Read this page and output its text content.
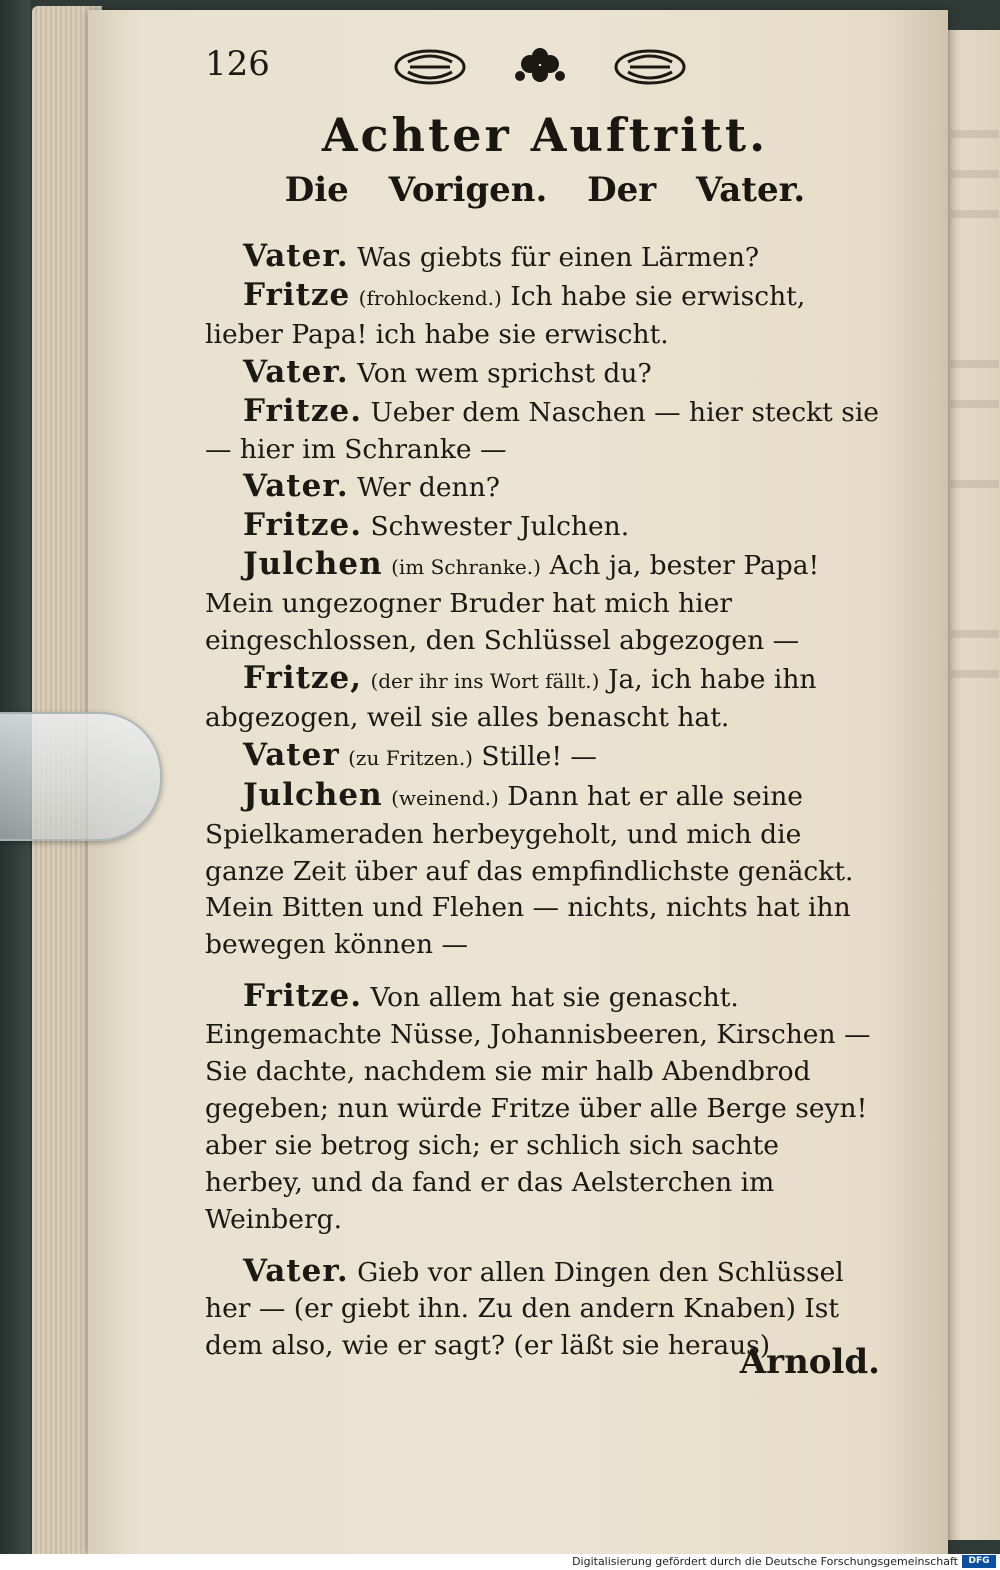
126
Achter Auftritt.
Die Vorigen. Der Vater.

Vater. Was giebts für einen Lärmen?

Fritze (frohlockend.) Ich habe sie erwischt, lieber Papa! ich habe sie erwischt.

Vater. Von wem sprichst du?

Fritze. Ueber dem Naschen — hier steckt sie — hier im Schranke —

Vater. Wer denn?

Fritze. Schwester Julchen.

Julchen (im Schranke.) Ach ja, bester Papa! Mein ungezogner Bruder hat mich hier eingeschlossen, den Schlüssel abgezogen —

Fritze, (der ihr ins Wort fällt.) Ja, ich habe ihn abgezogen, weil sie alles benascht hat.

Vater (zu Fritzen.) Stille! —

Julchen (weinend.) Dann hat er alle seine Spielkameraden herbeygeholt, und mich die ganze Zeit über auf das empfindlichste genäckt. Mein Bitten und Flehen — nichts, nichts hat ihn bewegen können —

Fritze. Von allem hat sie genascht. Eingemachte Nüsse, Johannisbeeren, Kirschen — Sie dachte, nachdem sie mir halb Abendbrod gegeben; nun würde Fritze über alle Berge seyn! aber sie betrog sich; er schlich sich sachte herbey, und da fand er das Aelsterchen im Weinberg.

Vater. Gieb vor allen Dingen den Schlüssel her — (er giebt ihn. Zu den andern Knaben) Ist dem also, wie er sagt? (er läßt sie heraus)

Arnold.
Digitalisierung gefördert durch die Deutsche Forschungsgemeinschaft	DFG
